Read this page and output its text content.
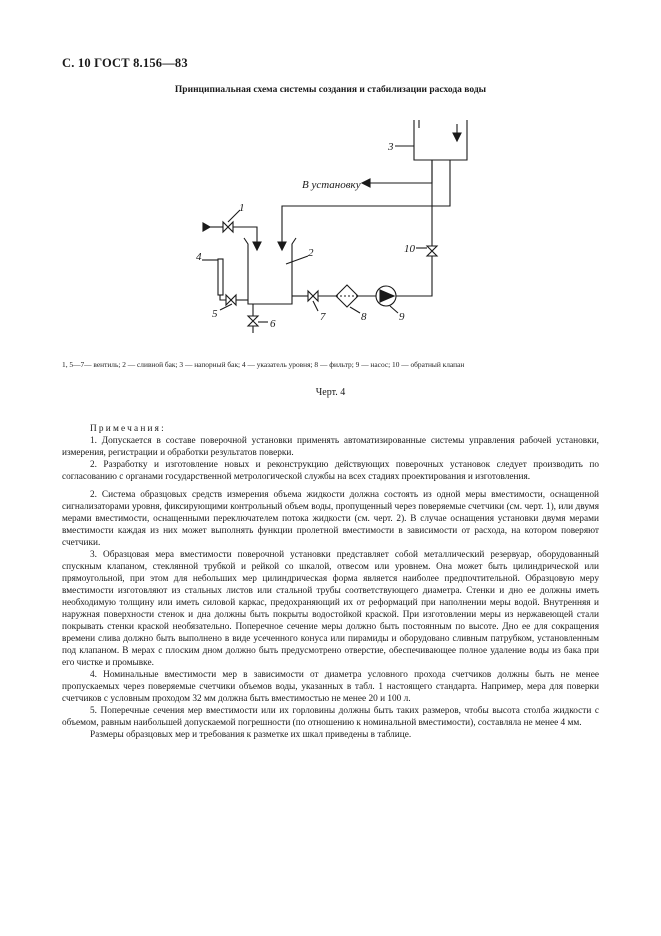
С. 10 ГОСТ 8.156—83
Принципиальная схема системы создания и стабилизации расхода воды
3
В установку
1
2
4
5
6
7	8	9
10
1, 5—7— вентиль; 2 — сливной бак; 3 — напорный бак; 4 — указатель уровня; 8 — фильтр; 9 — насос; 10 — обратный клапан
Черт. 4

Примечания:

1. Допускается в составе поверочной установки применять автоматизированные системы управления рабочей установки, измерения, регистрации и обработки результатов поверки.

2. Разработку и изготовление новых и реконструкцию действующих поверочных установок следует производить по согласованию с органами государственной метрологической службы на всех стадиях проектирования и изготовления.

2. Система образцовых средств измерения объема жидкости должна состоять из одной меры вместимости, оснащенной сигнализаторами уровня, фиксирующими контрольный объем воды, пропущенный через поверяемые счетчики (см. черт. 1), или двумя мерами вместимости, оснащенными переключателем потока жидкости (см. черт. 2). В случае оснащения установки двумя мерами вместимости каждая из них может выполнять функции пролетной вместимости в зависимости от расхода, на котором поверяют счетчики.

3. Образцовая мера вместимости поверочной установки представляет собой металлический резервуар, оборудованный спускным клапаном, стеклянной трубкой и рейкой со шкалой, отвесом или уровнем. Она может быть цилиндрической или прямоугольной, при этом для небольших мер цилиндрическая форма является наиболее предпочтительной. Образцовую меру вместимости изготовляют из стальных листов или стальной трубы соответствующего диаметра. Стенки и дно ее должны иметь необходимую толщину или иметь силовой каркас, предохраняющий их от реформаций при наполнении меры водой. Внутренняя и наружная поверхности стенок и дна должны быть покрыты водостойкой краской. При изготовлении меры из нержавеющей стали покрывать стенки краской необязательно. Поперечное сечение меры должно быть постоянным по высоте. Дно ее для сокращения времени слива должно быть выполнено в виде усеченного конуса или пирамиды и оборудовано сливным патрубком, установленным под клапаном. В мерах с плоским дном должно быть предусмотрено отверстие, обеспечивающее полное удаление воды из бака при его чистке и промывке.

4. Номинальные вместимости мер в зависимости от диаметра условного прохода счетчиков должны быть не менее пропускаемых через поверяемые счетчики объемов воды, указанных в табл. 1 настоящего стандарта. Например, мера для поверки счетчиков с условным проходом 32 мм должна быть вместимостью не менее 20 и 100 л.

5. Поперечные сечения мер вместимости или их горловины должны быть таких размеров, чтобы высота столба жидкости с объемом, равным наибольшей допускаемой погрешности (по отношению к номинальной вместимости), составляла не менее 4 мм.

Размеры образцовых мер и требования к разметке их шкал приведены в таблице.
